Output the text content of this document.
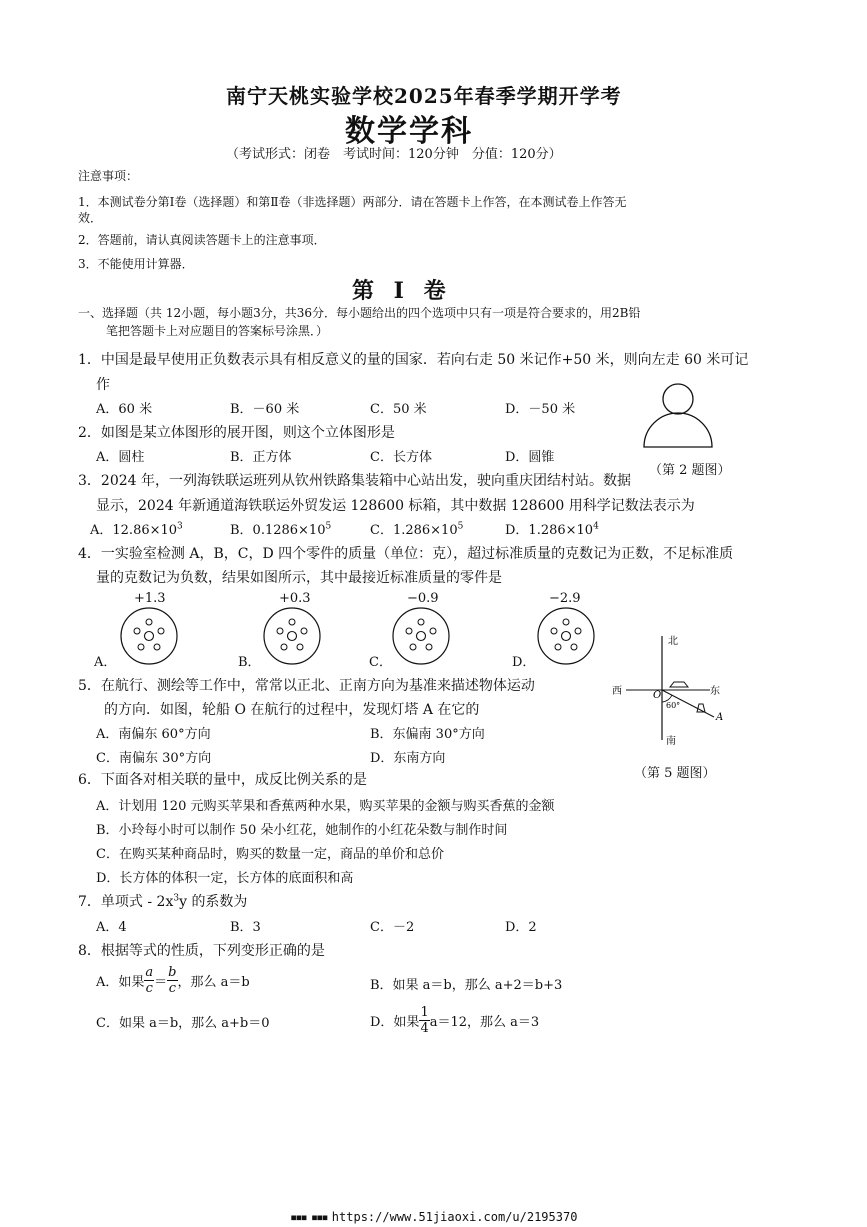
南宁天桃实验学校2025年春季学期开学考
数学学科
（考试形式：闭卷　考试时间：120分钟　分值：120分）
注意事项：
1．本测试卷分第Ⅰ卷（选择题）和第Ⅱ卷（非选择题）两部分．请在答题卡上作答，在本测试卷上作答无
效．
2．答题前，请认真阅读答题卡上的注意事项．
3．不能使用计算器．
第 Ⅰ 卷
一、选择题（共 12小题，每小题3分，共36分．每小题给出的四个选项中只有一项是符合要求的，用2B铅
笔把答题卡上对应题目的答案标号涂黑．）
1．中国是最早使用正负数表示具有相反意义的量的国家．若向右走 50 米记作+50 米，则向左走 60 米可记
作
A．60 米	B．－60 米	C．50 米	D．－50 米
（第 2 题图）
2．如图是某立体图形的展开图，则这个立体图形是
A．圆柱	B．正方体	C．长方体	D．圆锥
3．2024 年，一列海铁联运班列从钦州铁路集装箱中心站出发，驶向重庆团结村站。数据
显示，2024 年新通道海铁联运外贸发运 128600 标箱，其中数据 128600 用科学记数法表示为
A．$12.86\times 10^3$	B．$0.1286\times 10^5$	C．$1.286\times 10^5$	D．$1.286\times 10^4$
4．一实验室检测 A，B，C，D 四个零件的质量（单位：克），超过标准质量的克数记为正数，不足标准质
量的克数记为负数，结果如图所示，其中最接近标准质量的零件是
+1.3	+0.3	−0.9	−2.9
A．	B．	C．	D．
北
西	东
南
O
60°
A
（第 5 题图）
5．在航行、测绘等工作中，常常以正北、正南方向为基准来描述物体运动
的方向．如图，轮船 O 在航行的过程中，发现灯塔 A 在它的
A．南偏东 60°方向	B．东偏南 30°方向
C．南偏东 30°方向	D．东南方向
6．下面各对相关联的量中，成反比例关系的是
A．计划用 120 元购买苹果和香蕉两种水果，购买苹果的金额与购买香蕉的金额
B．小玲每小时可以制作 50 朵小红花，她制作的小红花朵数与制作时间
C．在购买某种商品时，购买的数量一定，商品的单价和总价
D．长方体的体积一定，长方体的底面积和高
7．单项式 - $2x^3y$ 的系数为
A．4	B．3	C．－2	D．2
8．根据等式的性质，下列变形正确的是
A．如果 $\frac{a}{c} = \frac{b}{c}$ ，那么 a＝b	B．如果 a＝b，那么 a+2＝b+3
C．如果 a＝b，那么 a+b＝0	D．如果 $\frac{1}{4} a=12$，那么 a＝3
▪▪▪ ▪▪▪ https://www.51jiaoxi.com/u/2195370
